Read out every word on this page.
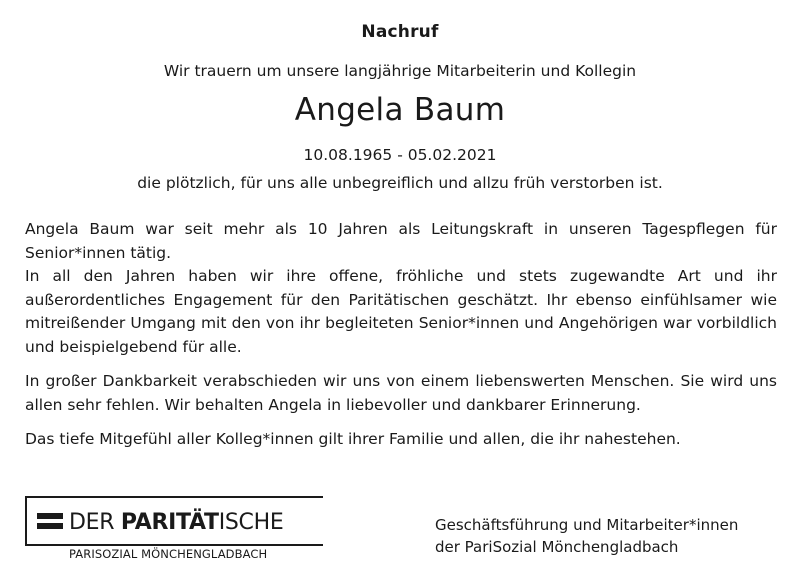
Nachruf
Wir trauern um unsere langjährige Mitarbeiterin und Kollegin
Angela Baum
10.08.1965 - 05.02.2021
die plötzlich, für uns alle unbegreiflich und allzu früh verstorben ist.

Angela Baum war seit mehr als 10 Jahren als Leitungskraft in unseren Tagespflegen für Senior*innen tätig.

In all den Jahren haben wir ihre offene, fröhliche und stets zugewandte Art und ihr außerordentliches Engagement für den Paritätischen geschätzt. Ihr ebenso einfühlsamer wie mitreißender Umgang mit den von ihr begleiteten Senior*innen und Angehörigen war vorbildlich und beispielgebend für alle.

In großer Dankbarkeit verabschieden wir uns von einem liebenswerten Menschen. Sie wird uns allen sehr fehlen. Wir behalten Angela in liebevoller und dankbarer Erinnerung.

Das tiefe Mitgefühl aller Kolleg*innen gilt ihrer Familie und allen, die ihr nahestehen.

DER PARITÄTISCHE
PARISOZIAL MÖNCHENGLADBACH
Geschäftsführung und Mitarbeiter*innen
der PariSozial Mönchengladbach
